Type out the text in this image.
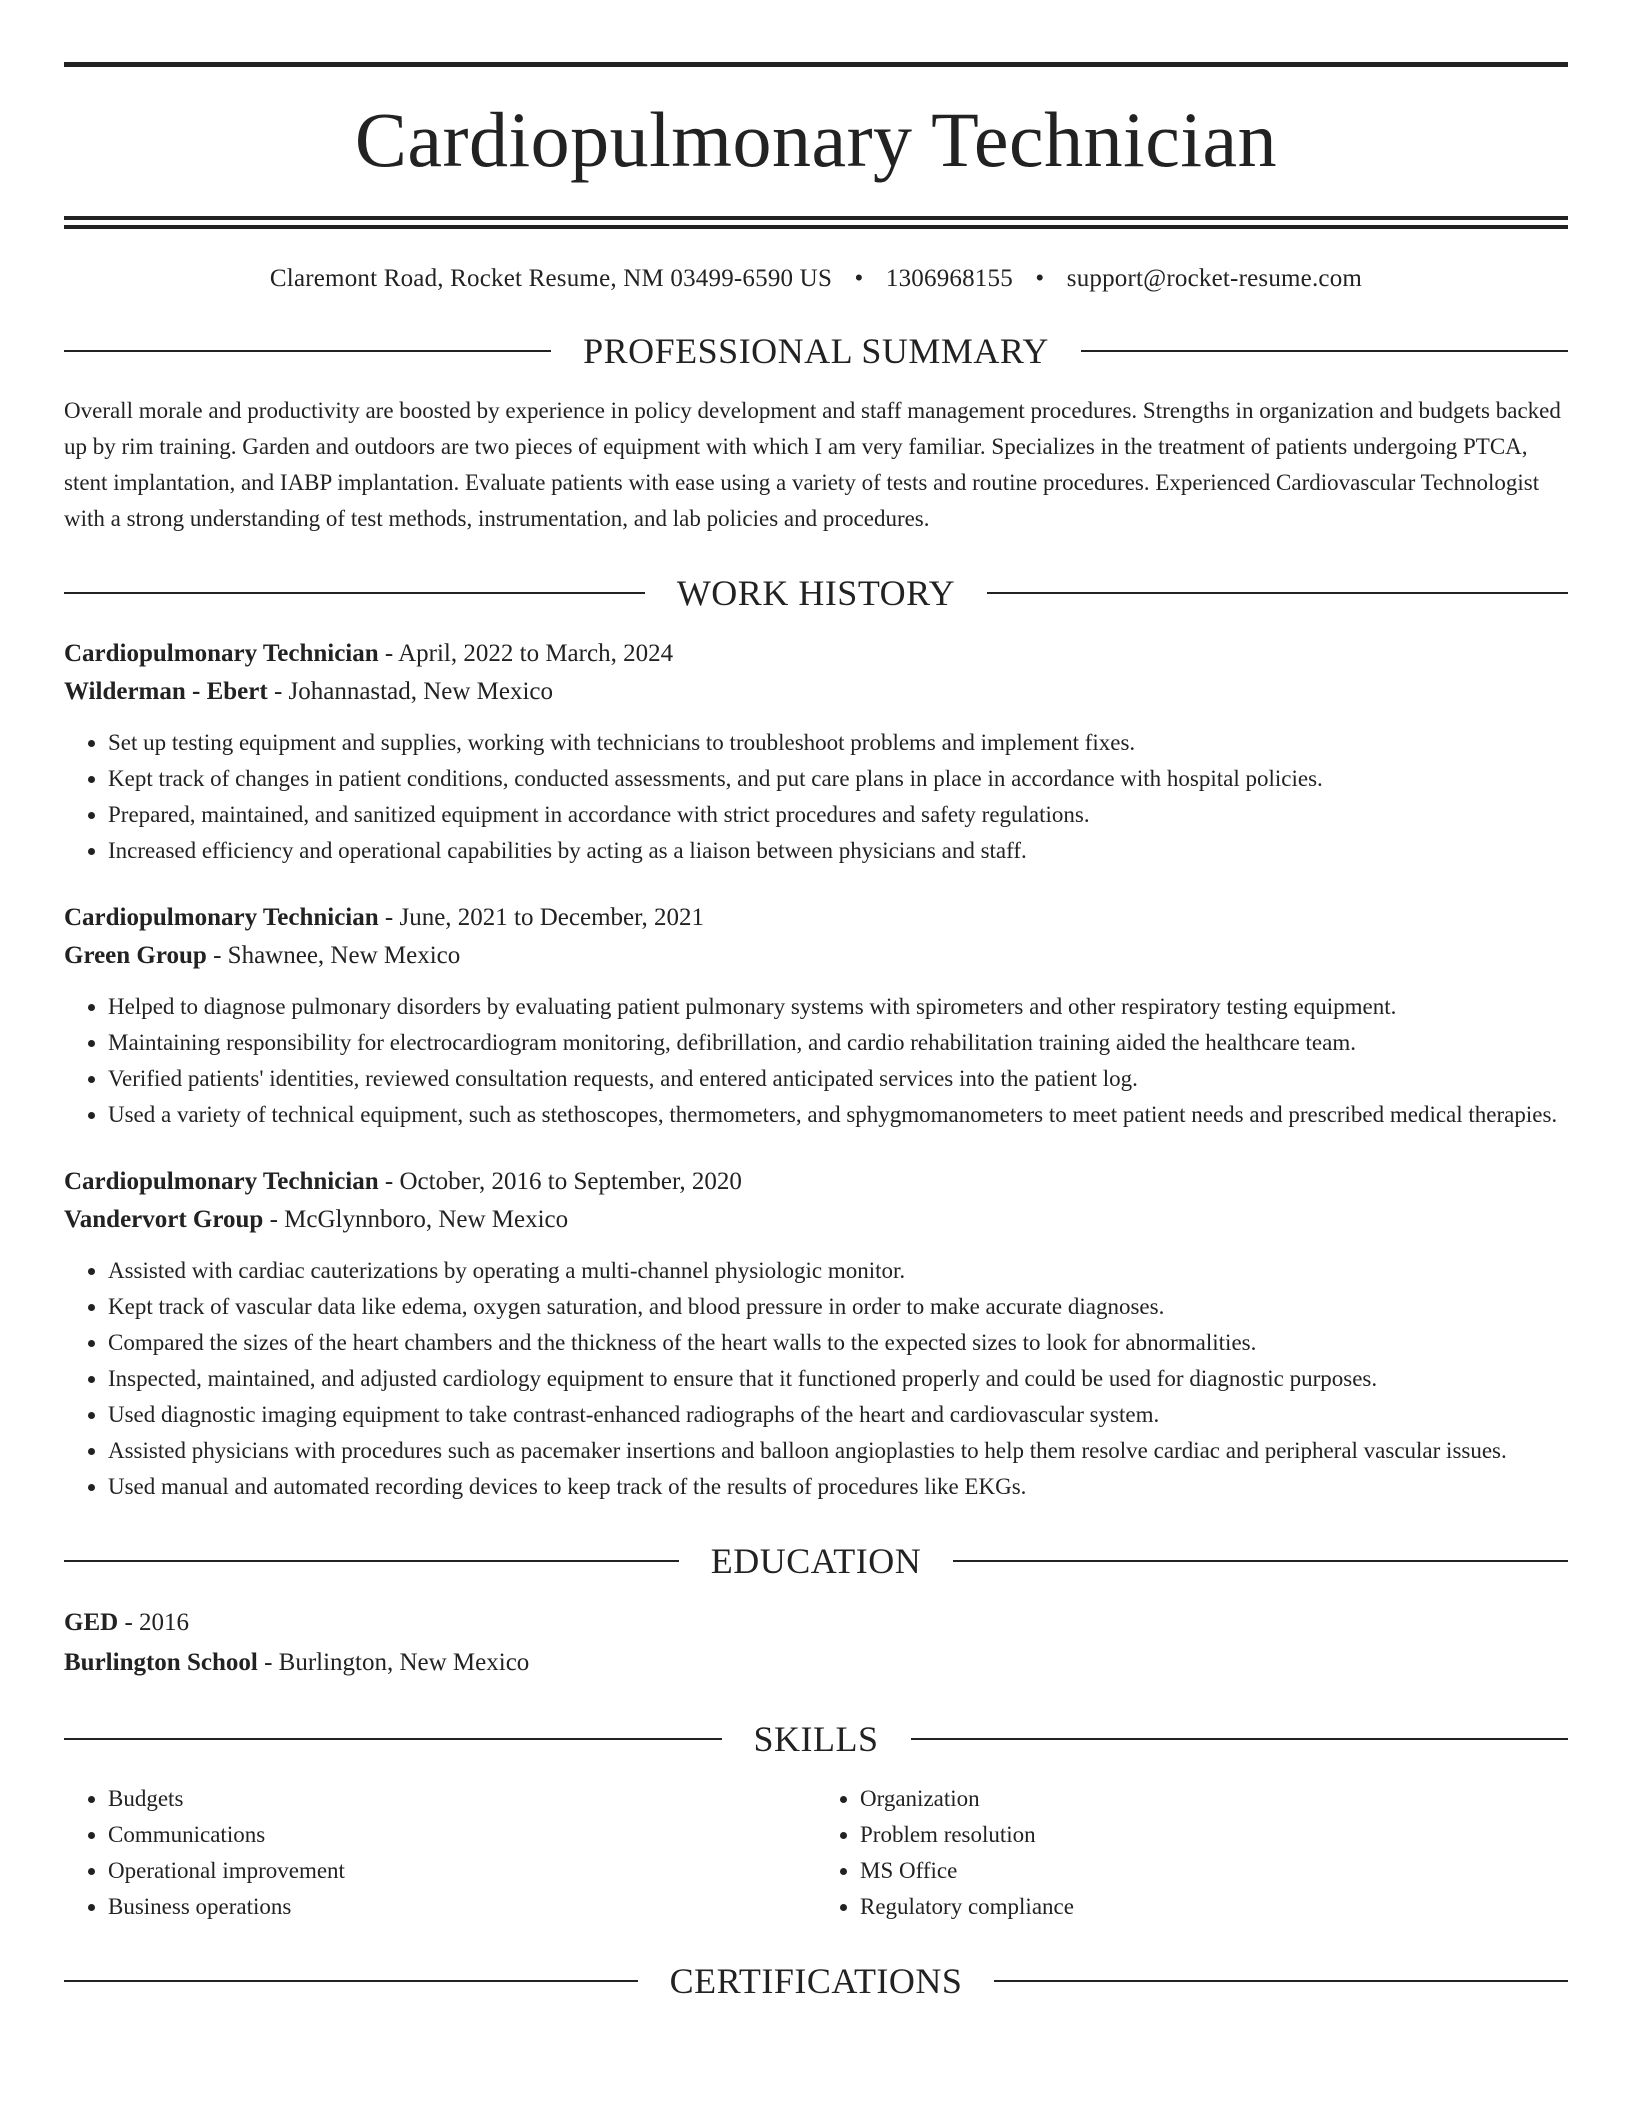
Cardiopulmonary Technician
Claremont Road, Rocket Resume, NM 03499-6590 US • 1306968155 • support@rocket-resume.com
PROFESSIONAL SUMMARY

Overall morale and productivity are boosted by experience in policy development and staff management procedures. Strengths in organization and budgets backed up by rim training. Garden and outdoors are two pieces of equipment with which I am very familiar. Specializes in the treatment of patients undergoing PTCA, stent implantation, and IABP implantation. Evaluate patients with ease using a variety of tests and routine procedures. Experienced Cardiovascular Technologist with a strong understanding of test methods, instrumentation, and lab policies and procedures.

WORK HISTORY
Cardiopulmonary Technician - April, 2022 to March, 2024
Wilderman - Ebert - Johannastad, New Mexico
• Set up testing equipment and supplies, working with technicians to troubleshoot problems and implement fixes.
• Kept track of changes in patient conditions, conducted assessments, and put care plans in place in accordance with hospital policies.
• Prepared, maintained, and sanitized equipment in accordance with strict procedures and safety regulations.
• Increased efficiency and operational capabilities by acting as a liaison between physicians and staff.
Cardiopulmonary Technician - June, 2021 to December, 2021
Green Group - Shawnee, New Mexico
• Helped to diagnose pulmonary disorders by evaluating patient pulmonary systems with spirometers and other respiratory testing equipment.
• Maintaining responsibility for electrocardiogram monitoring, defibrillation, and cardio rehabilitation training aided the healthcare team.
• Verified patients' identities, reviewed consultation requests, and entered anticipated services into the patient log.
• Used a variety of technical equipment, such as stethoscopes, thermometers, and sphygmomanometers to meet patient needs and prescribed medical therapies.
Cardiopulmonary Technician - October, 2016 to September, 2020
Vandervort Group - McGlynnboro, New Mexico
• Assisted with cardiac cauterizations by operating a multi-channel physiologic monitor.
• Kept track of vascular data like edema, oxygen saturation, and blood pressure in order to make accurate diagnoses.
• Compared the sizes of the heart chambers and the thickness of the heart walls to the expected sizes to look for abnormalities.
• Inspected, maintained, and adjusted cardiology equipment to ensure that it functioned properly and could be used for diagnostic purposes.
• Used diagnostic imaging equipment to take contrast-enhanced radiographs of the heart and cardiovascular system.
• Assisted physicians with procedures such as pacemaker insertions and balloon angioplasties to help them resolve cardiac and peripheral vascular issues.
• Used manual and automated recording devices to keep track of the results of procedures like EKGs.
EDUCATION
GED - 2016
Burlington School - Burlington, New Mexico
SKILLS
• Budgets
• Communications
• Operational improvement
• Business operations
• Organization
• Problem resolution
• MS Office
• Regulatory compliance
CERTIFICATIONS
